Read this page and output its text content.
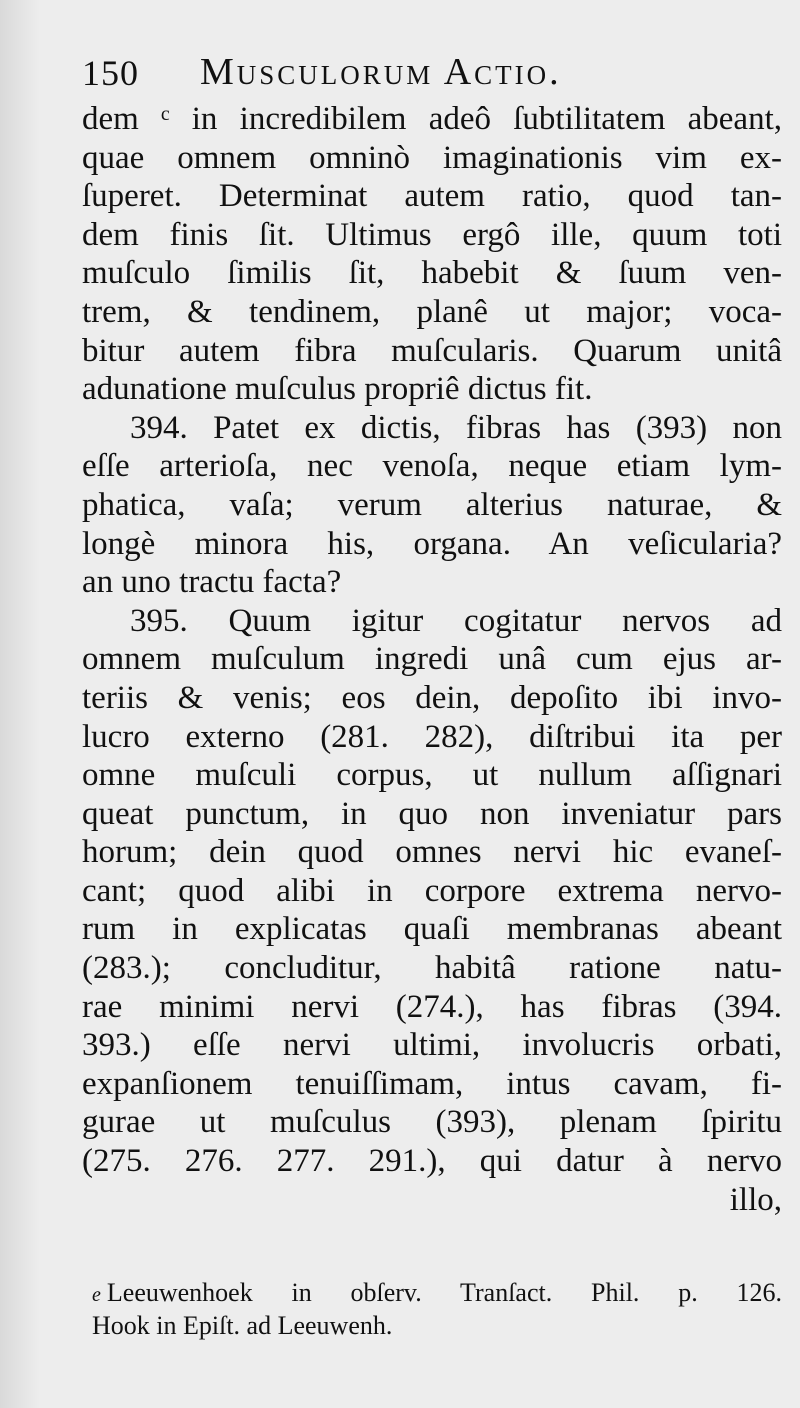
150 Musculorum Actio.
dem ᶜ in incredibilem adeô ſubtilitatem abeant,
quae omnem omninò imaginationis vim ex-
ſuperet. Determinat autem ratio, quod tan-
dem finis ſit. Ultimus ergô ille, quum toti
muſculo ſimilis ſit, habebit & ſuum ven-
trem, & tendinem, planê ut major; voca-
bitur autem fibra muſcularis. Quarum unitâ
adunatione muſculus propriê dictus fit.
394. Patet ex dictis, fibras has (393) non
eſſe arterioſa, nec venoſa, neque etiam lym-
phatica, vaſa; verum alterius naturae, &
longè minora his, organa. An veſicularia?
an uno tractu facta?
395. Quum igitur cogitatur nervos ad
omnem muſculum ingredi unâ cum ejus ar-
teriis & venis; eos dein, depoſito ibi invo-
lucro externo (281. 282), diſtribui ita per
omne muſculi corpus, ut nullum aſſignari
queat punctum, in quo non inveniatur pars
horum; dein quod omnes nervi hic evaneſ-
cant; quod alibi in corpore extrema nervo-
rum in explicatas quaſi membranas abeant
(283.); concluditur, habitâ ratione natu-
rae minimi nervi (274.), has fibras (394.
393.) eſſe nervi ultimi, involucris orbati,
expanſionem tenuiſſimam, intus cavam, fi-
gurae ut muſculus (393), plenam ſpiritu
(275. 276. 277. 291.), qui datur à nervo
illo,
e Leeuwenhoek in obſerv. Tranſact. Phil. p. 126.
Hook in Epiſt. ad Leeuwenh.
